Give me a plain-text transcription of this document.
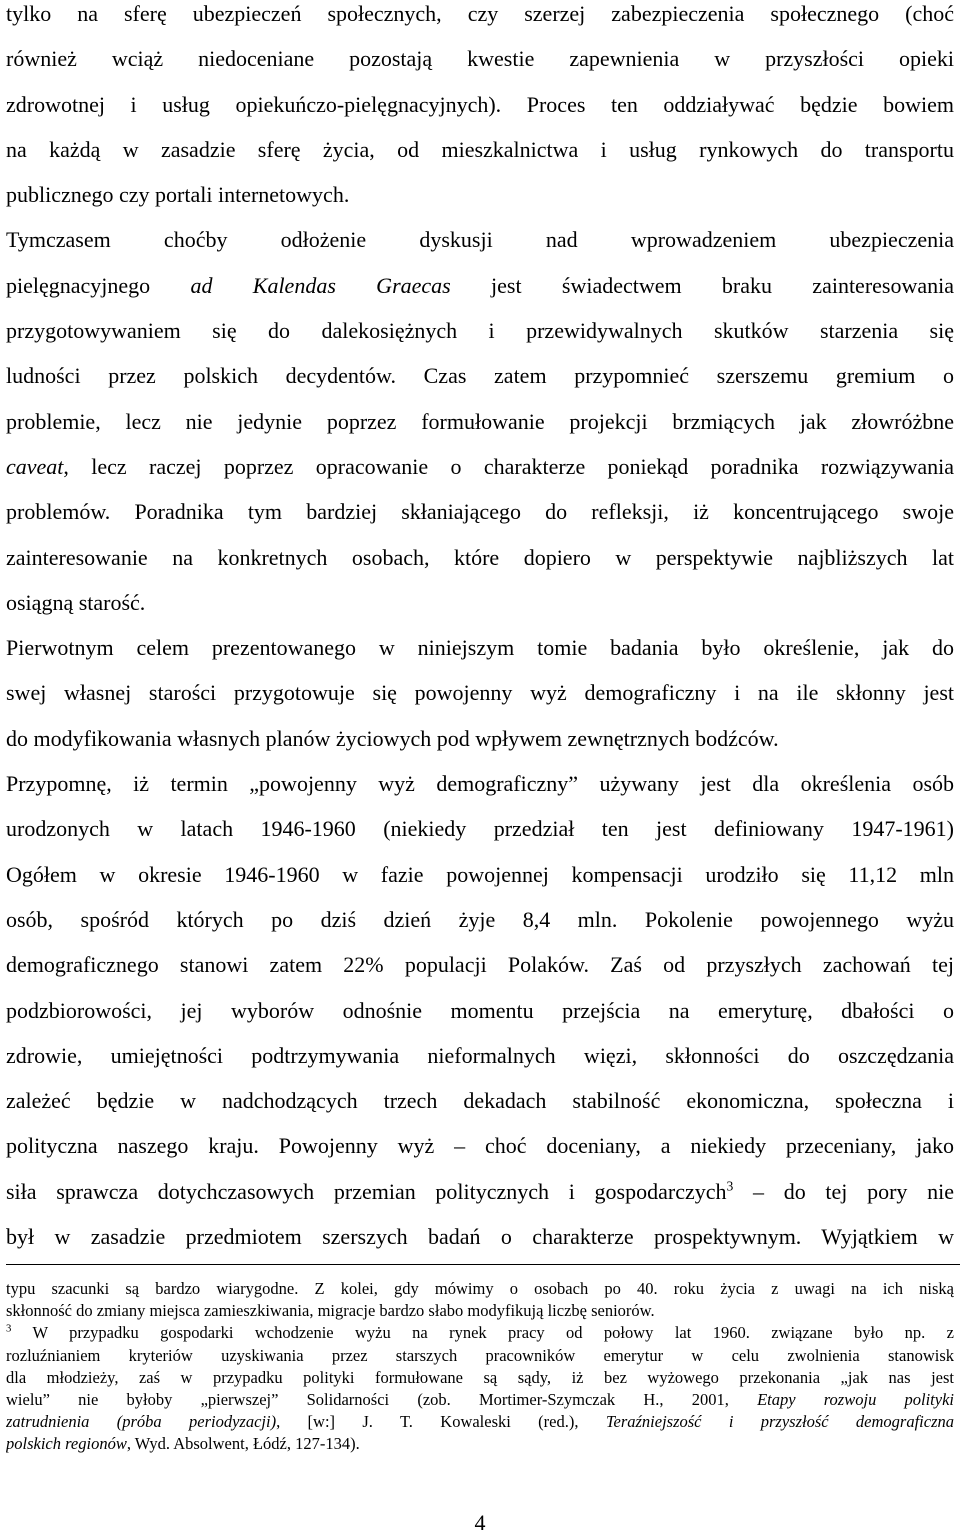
tylko na sferę ubezpieczeń społecznych, czy szerzej zabezpieczenia społecznego (choć
również wciąż niedoceniane pozostają kwestie zapewnienia w przyszłości opieki
zdrowotnej i usług opiekuńczo-pielęgnacyjnych). Proces ten oddziaływać będzie bowiem
na każdą w zasadzie sferę życia, od mieszkalnictwa i usług rynkowych do transportu
publicznego czy portali internetowych.
Tymczasem choćby odłożenie dyskusji nad wprowadzeniem ubezpieczenia
pielęgnacyjnego ad Kalendas Graecas jest świadectwem braku zainteresowania
przygotowywaniem się do dalekosiężnych i przewidywalnych skutków starzenia się
ludności przez polskich decydentów. Czas zatem przypomnieć szerszemu gremium o
problemie, lecz nie jedynie poprzez formułowanie projekcji brzmiących jak złowróżbne
caveat, lecz raczej poprzez opracowanie o charakterze poniekąd poradnika rozwiązywania
problemów. Poradnika tym bardziej skłaniającego do refleksji, iż koncentrującego swoje
zainteresowanie na konkretnych osobach, które dopiero w perspektywie najbliższych lat
osiągną starość.
Pierwotnym celem prezentowanego w niniejszym tomie badania było określenie, jak do
swej własnej starości przygotowuje się powojenny wyż demograficzny i na ile skłonny jest
do modyfikowania własnych planów życiowych pod wpływem zewnętrznych bodźców.
Przypomnę, iż termin „powojenny wyż demograficzny” używany jest dla określenia osób
urodzonych w latach 1946-1960 (niekiedy przedział ten jest definiowany 1947-1961)
Ogółem w okresie 1946-1960 w fazie powojennej kompensacji urodziło się 11,12 mln
osób, spośród których po dziś dzień żyje 8,4 mln. Pokolenie powojennego wyżu
demograficznego stanowi zatem 22% populacji Polaków. Zaś od przyszłych zachowań tej
podzbiorowości, jej wyborów odnośnie momentu przejścia na emeryturę, dbałości o
zdrowie, umiejętności podtrzymywania nieformalnych więzi, skłonności do oszczędzania
zależeć będzie w nadchodzących trzech dekadach stabilność ekonomiczna, społeczna i
polityczna naszego kraju. Powojenny wyż – choć doceniany, a niekiedy przeceniany, jako
siła sprawcza dotychczasowych przemian politycznych i gospodarczych$^3$ – do tej pory nie
był w zasadzie przedmiotem szerszych badań o charakterze prospektywnym. Wyjątkiem w
typu szacunki są bardzo wiarygodne. Z kolei, gdy mówimy o osobach po 40. roku życia z uwagi na ich niską
skłonność do zmiany miejsca zamieszkiwania, migracje bardzo słabo modyfikują liczbę seniorów.
$^3$ W przypadku gospodarki wchodzenie wyżu na rynek pracy od połowy lat 1960. związane było np. z
rozluźnianiem kryteriów uzyskiwania przez starszych pracowników emerytur w celu zwolnienia stanowisk
dla młodzieży, zaś w przypadku polityki formułowane są sądy, iż bez wyżowego przekonania „jak nas jest
wielu” nie byłoby „pierwszej” Solidarności (zob. Mortimer-Szymczak H., 2001, Etapy rozwoju polityki
zatrudnienia (próba periodyzacji), [w:] J. T. Kowaleski (red.), Teraźniejszość i przyszłość demograficzna
polskich regionów, Wyd. Absolwent, Łódź, 127-134).
4
